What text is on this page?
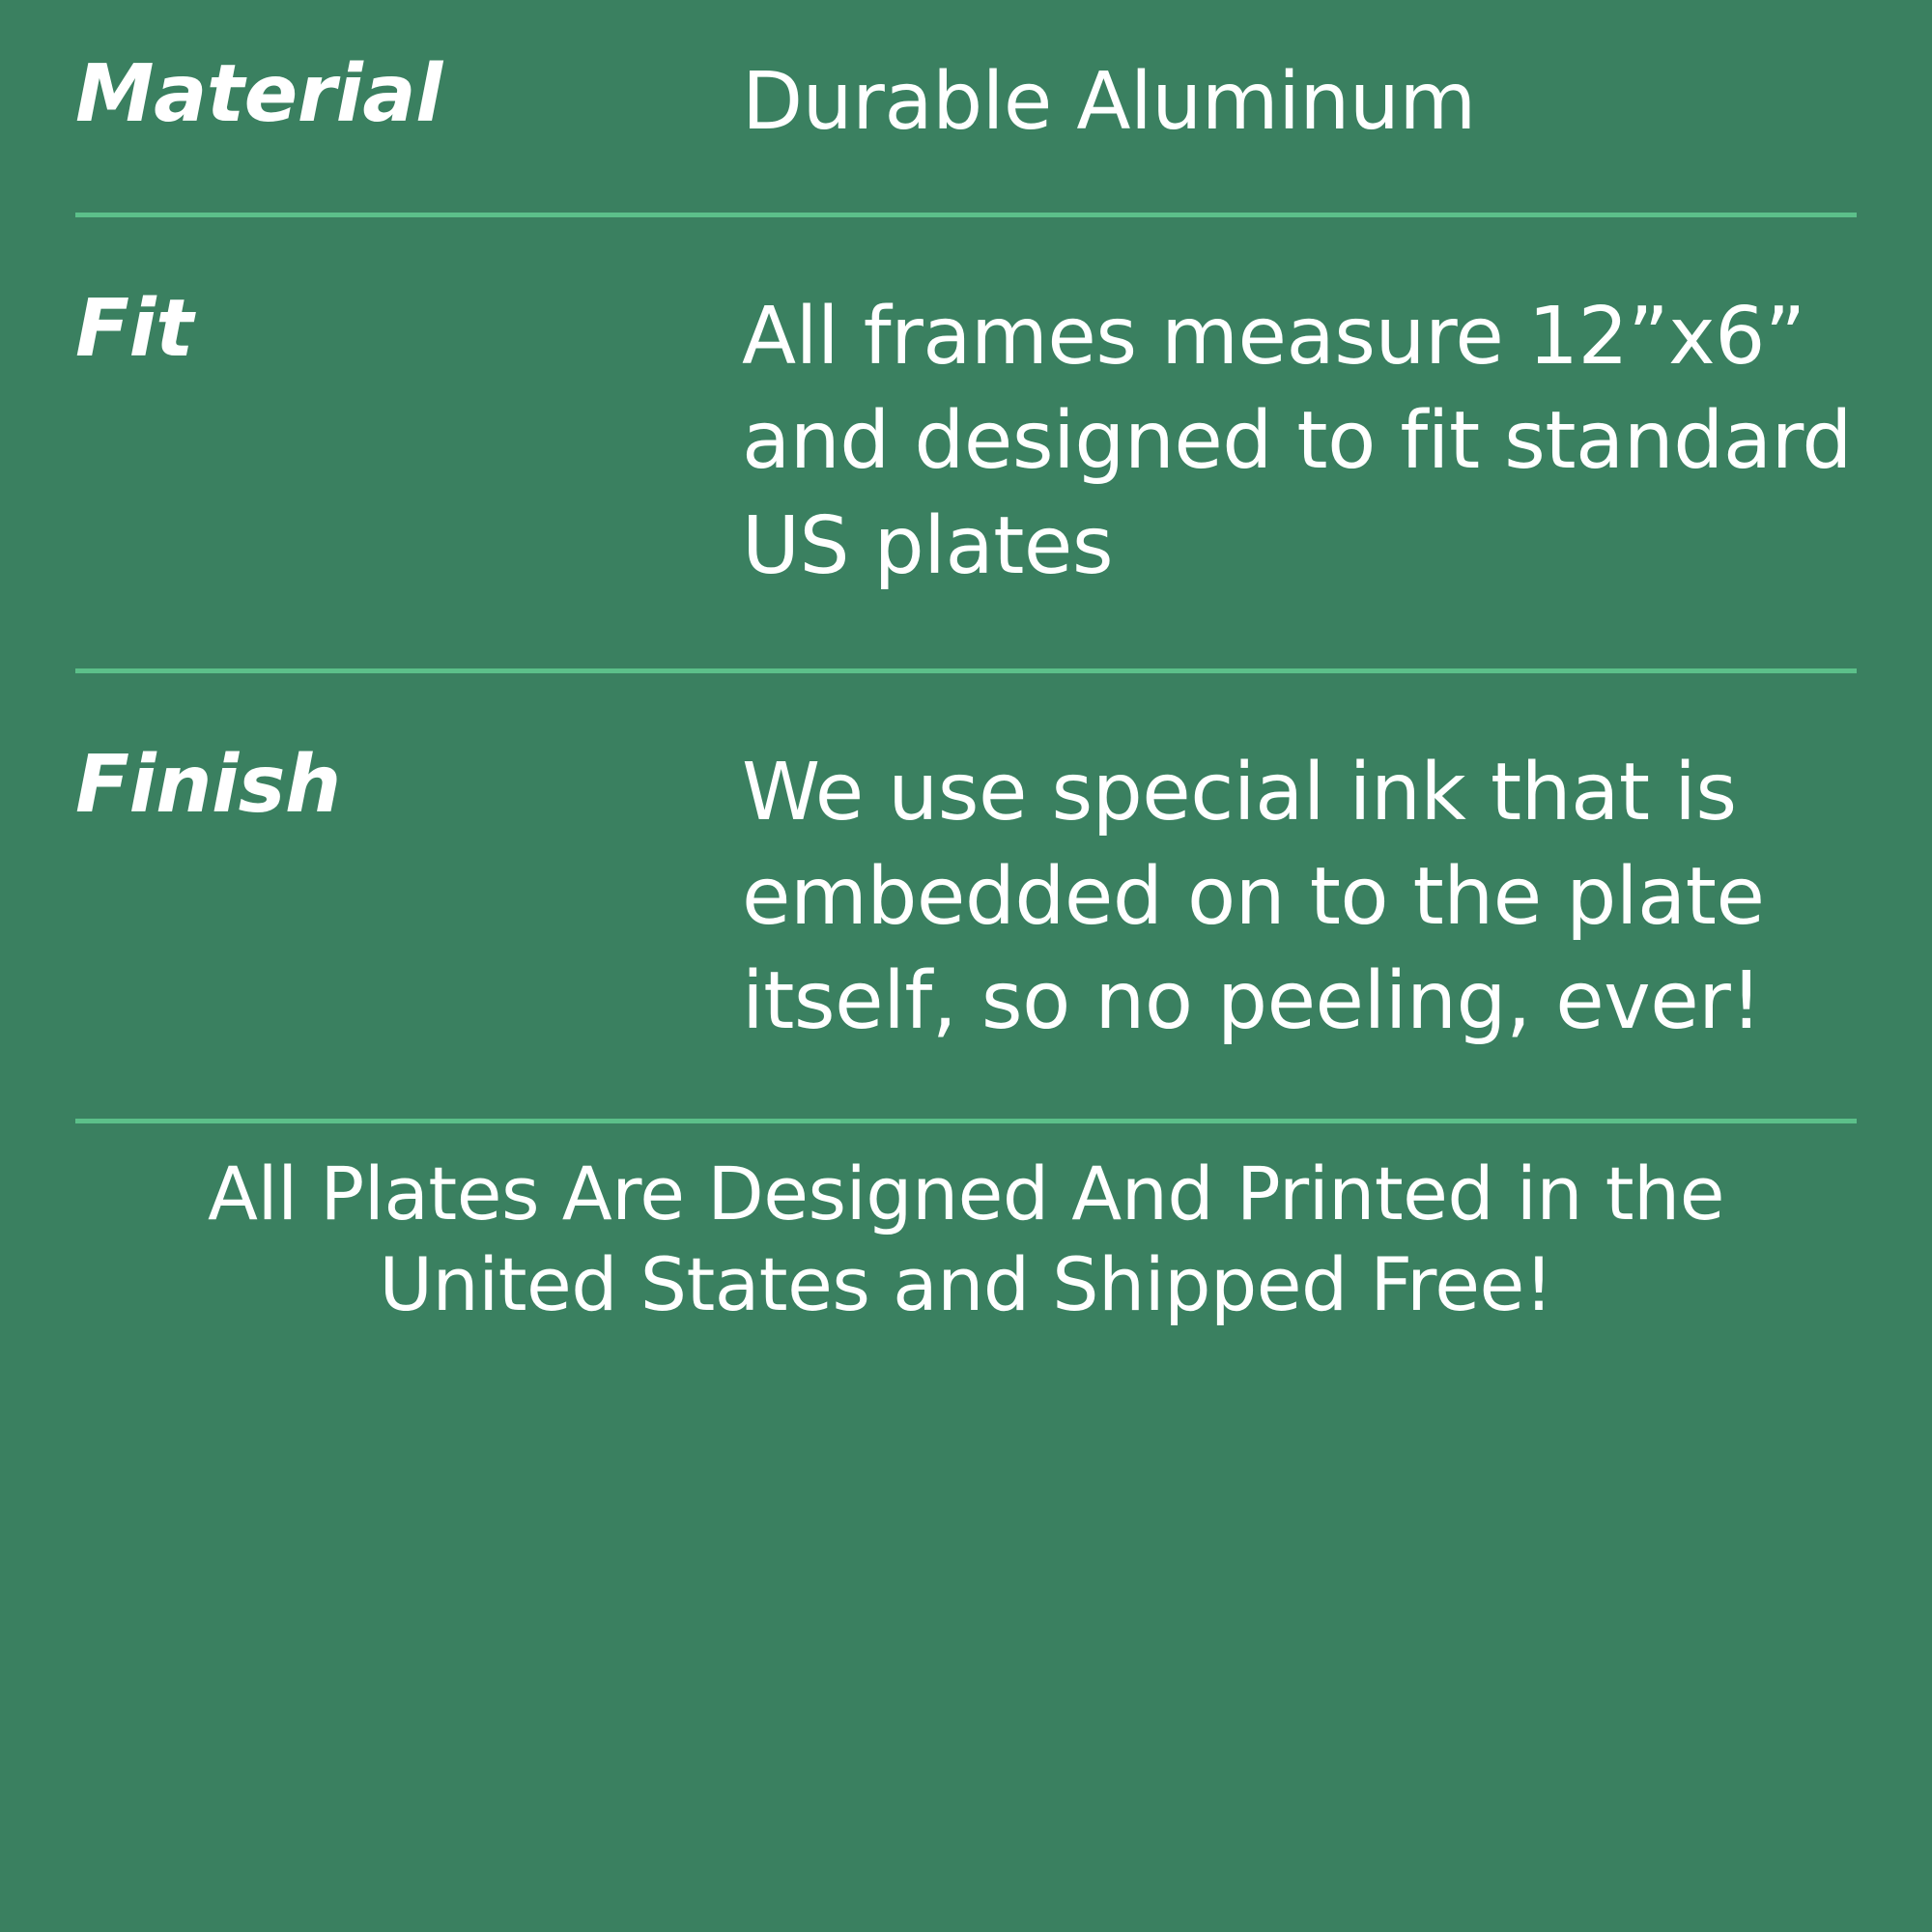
Material	Durable Aluminum

Fit	All frames measure 12”x6” and designed to fit standard US plates

Finish	We use special ink that is embedded on to the plate itself, so no peeling, ever!

All Plates Are Designed And Printed in the United States and Shipped Free!
